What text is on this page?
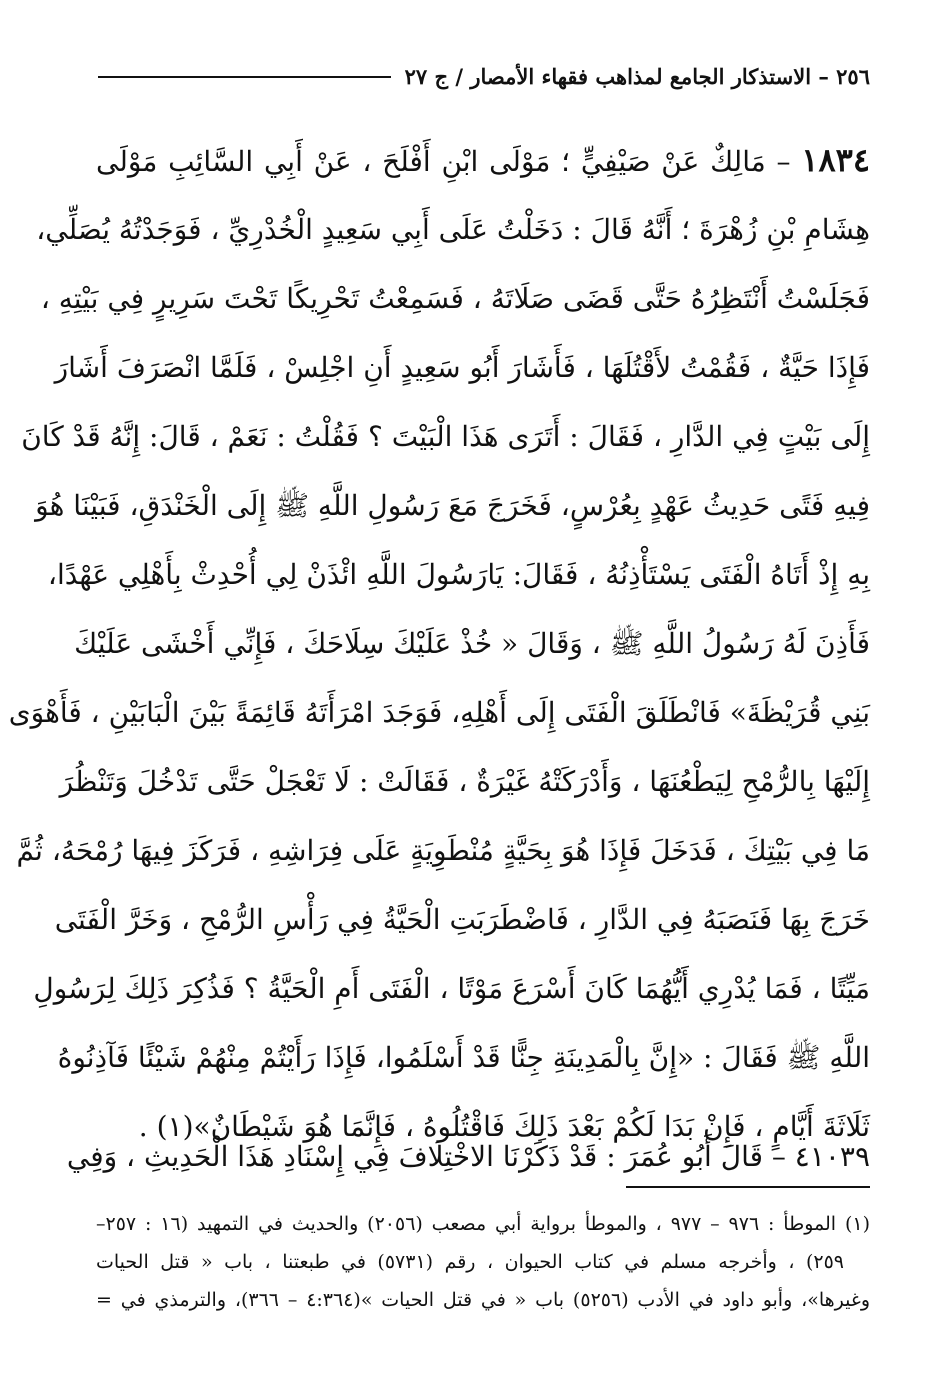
٢٥٦ – الاستذكار الجامع لمذاهب فقهاء الأمصار / ج ٢٧
١٨٣٤ – مَالِكٌ عَنْ صَيْفِيٍّ ؛ مَوْلَى ابْنِ أَفْلَحَ ، عَنْ أَبِي السَّائِبِ مَوْلَى
هِشَامِ بْنِ زُهْرَةَ ؛ أَنَّهُ قَالَ : دَخَلْتُ عَلَى أَبِي سَعِيدٍ الْخُدْرِيِّ ، فَوَجَدْتُهُ يُصَلِّي،
فَجَلَسْتُ أَنْتَظِرُهُ حَتَّى قَضَى صَلَاتَهُ ، فَسَمِعْتُ تَحْرِيكًا تَحْتَ سَرِيرٍ فِي بَيْتِهِ ،
فَإِذَا حَيَّةٌ ، فَقُمْتُ لأَقْتُلَهَا ، فَأَشَارَ أَبُو سَعِيدٍ أَنِ اجْلِسْ ، فَلَمَّا انْصَرَفَ أَشَارَ
إِلَى بَيْتٍ فِي الدَّارِ ، فَقَالَ : أَتَرَى هَذَا الْبَيْتَ ؟ فَقُلْتُ : نَعَمْ ، قَالَ: إِنَّهُ قَدْ كَانَ
فِيهِ فَتًى حَدِيثُ عَهْدٍ بِعُرْسٍ، فَخَرَجَ مَعَ رَسُولِ اللَّهِ ﷺ إِلَى الْخَنْدَقِ، فَبَيْنَا هُوَ
بِهِ إِذْ أَتَاهُ الْفَتَى يَسْتَأْذِنُهُ ، فَقَالَ: يَارَسُولَ اللَّهِ ائْذَنْ لِي أُحْدِثْ بِأَهْلِي عَهْدًا،
فَأَذِنَ لَهُ رَسُولُ اللَّهِ ﷺ ، وَقَالَ « خُذْ عَلَيْكَ سِلَاحَكَ ، فَإِنِّي أَخْشَى عَلَيْكَ
بَنِي قُرَيْظَةَ» فَانْطَلَقَ الْفَتَى إِلَى أَهْلِهِ، فَوَجَدَ امْرَأَتَهُ قَائِمَةً بَيْنَ الْبَابَيْنِ ، فَأَهْوَى
إِلَيْهَا بِالرُّمْحِ لِيَطْعُنَهَا ، وَأَدْرَكَتْهُ غَيْرَةٌ ، فَقَالَتْ : لَا تَعْجَلْ حَتَّى تَدْخُلَ وَتَنْظُرَ
مَا فِي بَيْتِكَ ، فَدَخَلَ فَإِذَا هُوَ بِحَيَّةٍ مُنْطَوِيَةٍ عَلَى فِرَاشِهِ ، فَرَكَزَ فِيهَا رُمْحَهُ، ثُمَّ
خَرَجَ بِهَا فَنَصَبَهُ فِي الدَّارِ ، فَاضْطَرَبَتِ الْحَيَّةُ فِي رَأْسِ الرُّمْحِ ، وَخَرَّ الْفَتَى
مَيِّتًا ، فَمَا يُدْرِي أَيُّهُمَا كَانَ أَسْرَعَ مَوْتًا ، الْفَتَى أَمِ الْحَيَّةُ ؟ فَذُكِرَ ذَلِكَ لِرَسُولِ
اللَّهِ ﷺ فَقَالَ : «إِنَّ بِالْمَدِينَةِ جِنًّا قَدْ أَسْلَمُوا، فَإِذَا رَأَيْتُمْ مِنْهُمْ شَيْئًا فَآذِنُوهُ
ثَلَاثَةَ أَيَّامٍ ، فَإِنْ بَدَا لَكُمْ بَعْدَ ذَلِكَ فَاقْتُلُوهُ ، فَإِنَّمَا هُوَ شَيْطَانٌ»(١) .
٤١٠٣٩ – قَالَ أَبُو عُمَرَ : قَدْ ذَكَرْنَا الاخْتِلَافَ فِي إِسْنَادِ هَذَا الْحَدِيثِ ، وَفِي
(١) الموطأ : ٩٧٦ – ٩٧٧ ، والموطأ برواية أبي مصعب (٢٠٥٦) والحديث في التمهيد (١٦ : ٢٥٧–
٢٥٩) ، وأخرجه مسلم في كتاب الحيوان ، رقم (٥٧٣١) في طبعتنا ، باب « قتل الحيات
وغيرها»، وأبو داود في الأدب (٥٢٥٦) باب « في قتل الحيات »(٤:٣٦٤ – ٣٦٦)، والترمذي في =
